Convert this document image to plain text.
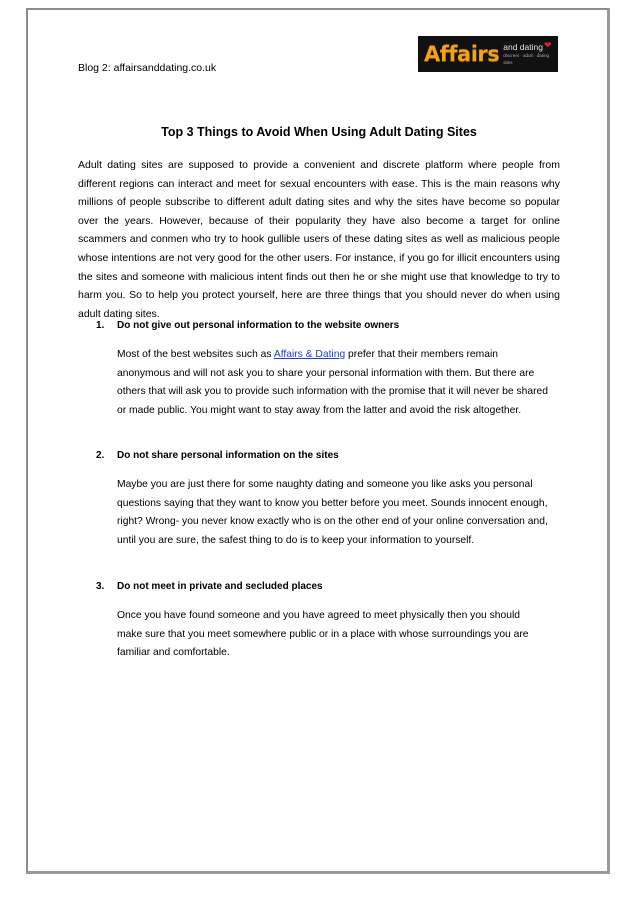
Blog 2: affairsanddating.co.uk
Affairs and dating
discreet · adult · dating sites
❤
Top 3 Things to Avoid When Using Adult Dating Sites

Adult dating sites are supposed to provide a convenient and discrete platform where people from different regions can interact and meet for sexual encounters with ease. This is the main reasons why millions of people subscribe to different adult dating sites and why the sites have become so popular over the years. However, because of their popularity they have also become a target for online scammers and conmen who try to hook gullible users of these dating sites as well as malicious people whose intentions are not very good for the other users. For instance, if you go for illicit encounters using the sites and someone with malicious intent finds out then he or she might use that knowledge to try to harm you. So to help you protect yourself, here are three things that you should never do when using adult dating sites.

1.	Do not give out personal information to the website owners
Most of the best websites such as Affairs & Dating prefer that their members remain anonymous and will not ask you to share your personal information with them. But there are others that will ask you to provide such information with the promise that it will never be shared or made public. You might want to stay away from the latter and avoid the risk altogether.
2.	Do not share personal information on the sites
Maybe you are just there for some naughty dating and someone you like asks you personal questions saying that they want to know you better before you meet. Sounds innocent enough, right? Wrong- you never know exactly who is on the other end of your online conversation and, until you are sure, the safest thing to do is to keep your information to yourself.
3.	Do not meet in private and secluded places
Once you have found someone and you have agreed to meet physically then you should make sure that you meet somewhere public or in a place with whose surroundings you are familiar and comfortable.
